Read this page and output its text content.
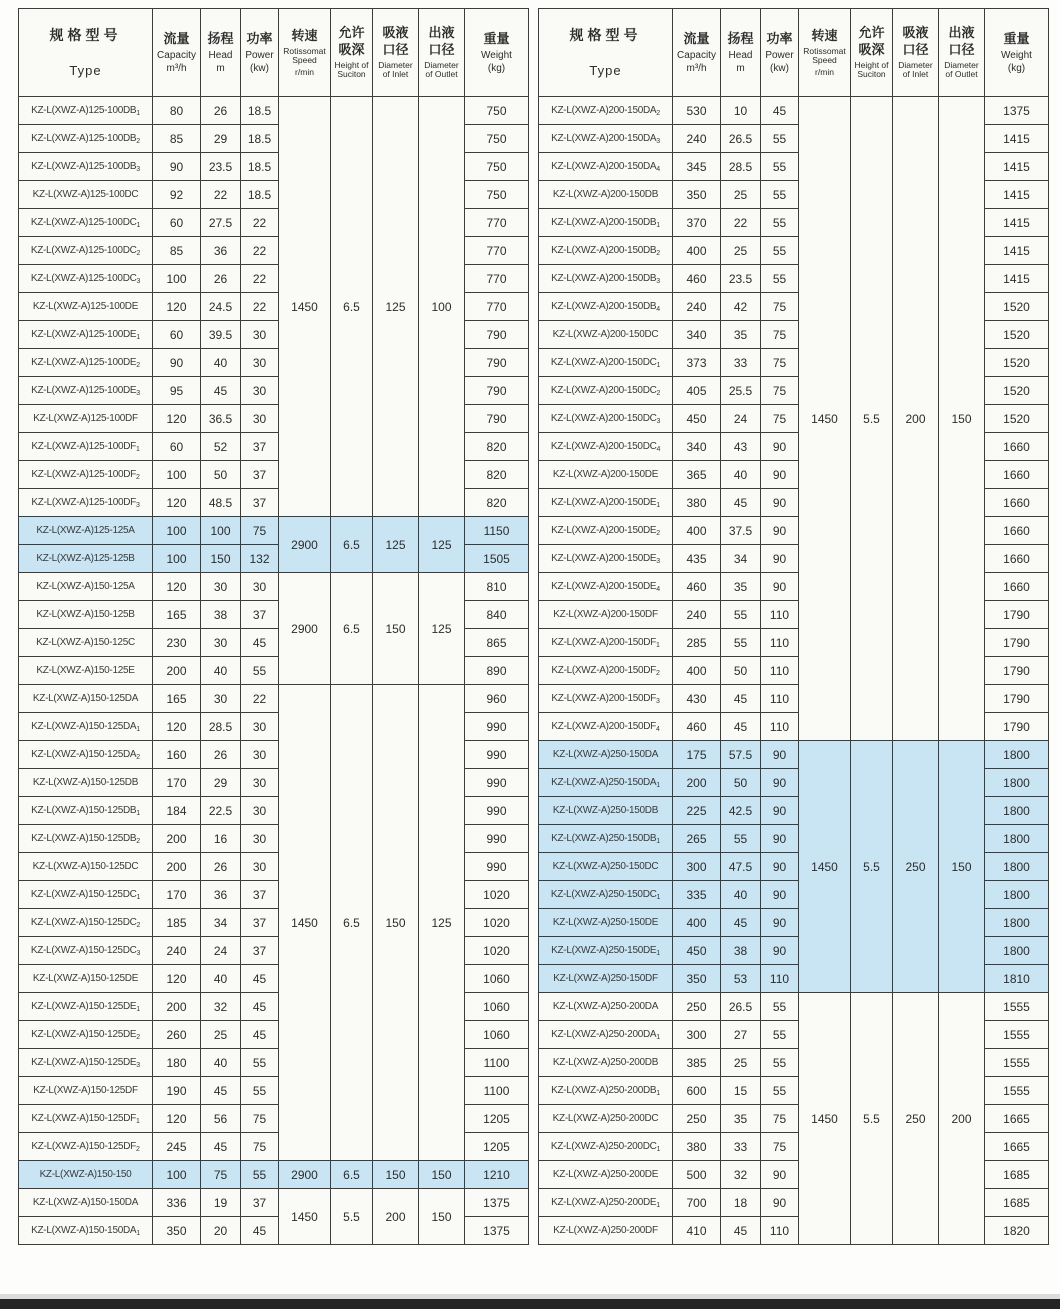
规格型号
Type

流量
Capacity
m³/h

扬程
Head
m

功率
Power
(kw)

转速
Rotissomat Speed
r/min

允许吸深
Height of Suciton

吸液口径
Diameter of Inlet

出液口径
Diameter of Outlet

重量
Weight
(kg)

$KZ-L(XWZ-A)125-100DB_1$	80	26	18.5	1450	6.5	125	100	750
$KZ-L(XWZ-A)125-100DB_2$	85	29	18.5					750
$KZ-L(XWZ-A)125-100DB_3$	90	23.5	18.5					750
KZ-L(XWZ-A)125-100DC	92	22	18.5					750
$KZ-L(XWZ-A)125-100DC_1$	60	27.5	22					770
$KZ-L(XWZ-A)125-100DC_2$	85	36	22					770
$KZ-L(XWZ-A)125-100DC_3$	100	26	22					770
KZ-L(XWZ-A)125-100DE	120	24.5	22					770
$KZ-L(XWZ-A)125-100DE_1$	60	39.5	30					790
$KZ-L(XWZ-A)125-100DE_2$	90	40	30					790
$KZ-L(XWZ-A)125-100DE_3$	95	45	30					790
KZ-L(XWZ-A)125-100DF	120	36.5	30					790
$KZ-L(XWZ-A)125-100DF_1$	60	52	37					820
$KZ-L(XWZ-A)125-100DF_2$	100	50	37					820
$KZ-L(XWZ-A)125-100DF_3$	120	48.5	37					820
KZ-L(XWZ-A)125-125A	100	100	75	2900	6.5	125	125	1150
KZ-L(XWZ-A)125-125B	100	150	132					1505
KZ-L(XWZ-A)150-125A	120	30	30	2900	6.5	150	125	810
KZ-L(XWZ-A)150-125B	165	38	37					840
KZ-L(XWZ-A)150-125C	230	30	45					865
KZ-L(XWZ-A)150-125E	200	40	55					890
KZ-L(XWZ-A)150-125DA	165	30	22	1450	6.5	150	125	960
$KZ-L(XWZ-A)150-125DA_1$	120	28.5	30					990
$KZ-L(XWZ-A)150-125DA_2$	160	26	30					990
KZ-L(XWZ-A)150-125DB	170	29	30					990
$KZ-L(XWZ-A)150-125DB_1$	184	22.5	30					990
$KZ-L(XWZ-A)150-125DB_2$	200	16	30					990
KZ-L(XWZ-A)150-125DC	200	26	30					990
$KZ-L(XWZ-A)150-125DC_1$	170	36	37					1020
$KZ-L(XWZ-A)150-125DC_2$	185	34	37					1020
$KZ-L(XWZ-A)150-125DC_3$	240	24	37					1020
KZ-L(XWZ-A)150-125DE	120	40	45					1060
$KZ-L(XWZ-A)150-125DE_1$	200	32	45					1060
$KZ-L(XWZ-A)150-125DE_2$	260	25	45					1060
$KZ-L(XWZ-A)150-125DE_3$	180	40	55					1100
KZ-L(XWZ-A)150-125DF	190	45	55					1100
$KZ-L(XWZ-A)150-125DF_1$	120	56	75					1205
$KZ-L(XWZ-A)150-125DF_2$	245	45	75					1205
KZ-L(XWZ-A)150-150	100	75	55	2900	6.5	150	150	1210
KZ-L(XWZ-A)150-150DA	336	19	37	1450	5.5	200	150	1375
$KZ-L(XWZ-A)150-150DA_1$	350	20	45					1375
规格型号
Type

流量
Capacity
m³/h

扬程
Head
m

功率
Power
(kw)

转速
Rotissomat Speed
r/min

允许吸深
Height of Suciton

吸液口径
Diameter of Inlet

出液口径
Diameter of Outlet

重量
Weight
(kg)

$KZ-L(XWZ-A)200-150DA_2$	530	10	45	1450	5.5	200	150	1375
$KZ-L(XWZ-A)200-150DA_3$	240	26.5	55					1415
$KZ-L(XWZ-A)200-150DA_4$	345	28.5	55					1415
KZ-L(XWZ-A)200-150DB	350	25	55					1415
$KZ-L(XWZ-A)200-150DB_1$	370	22	55					1415
$KZ-L(XWZ-A)200-150DB_2$	400	25	55					1415
$KZ-L(XWZ-A)200-150DB_3$	460	23.5	55					1415
$KZ-L(XWZ-A)200-150DB_4$	240	42	75					1520
KZ-L(XWZ-A)200-150DC	340	35	75					1520
$KZ-L(XWZ-A)200-150DC_1$	373	33	75					1520
$KZ-L(XWZ-A)200-150DC_2$	405	25.5	75					1520
$KZ-L(XWZ-A)200-150DC_3$	450	24	75					1520
$KZ-L(XWZ-A)200-150DC_4$	340	43	90					1660
KZ-L(XWZ-A)200-150DE	365	40	90					1660
$KZ-L(XWZ-A)200-150DE_1$	380	45	90					1660
$KZ-L(XWZ-A)200-150DE_2$	400	37.5	90					1660
$KZ-L(XWZ-A)200-150DE_3$	435	34	90					1660
$KZ-L(XWZ-A)200-150DE_4$	460	35	90					1660
KZ-L(XWZ-A)200-150DF	240	55	110					1790
$KZ-L(XWZ-A)200-150DF_1$	285	55	110					1790
$KZ-L(XWZ-A)200-150DF_2$	400	50	110					1790
$KZ-L(XWZ-A)200-150DF_3$	430	45	110					1790
$KZ-L(XWZ-A)200-150DF_4$	460	45	110					1790
KZ-L(XWZ-A)250-150DA	175	57.5	90	1450	5.5	250	150	1800
$KZ-L(XWZ-A)250-150DA_1$	200	50	90					1800
KZ-L(XWZ-A)250-150DB	225	42.5	90					1800
$KZ-L(XWZ-A)250-150DB_1$	265	55	90					1800
KZ-L(XWZ-A)250-150DC	300	47.5	90					1800
$KZ-L(XWZ-A)250-150DC_1$	335	40	90					1800
KZ-L(XWZ-A)250-150DE	400	45	90					1800
$KZ-L(XWZ-A)250-150DE_1$	450	38	90					1800
KZ-L(XWZ-A)250-150DF	350	53	110					1810
KZ-L(XWZ-A)250-200DA	250	26.5	55	1450	5.5	250	200	1555
$KZ-L(XWZ-A)250-200DA_1$	300	27	55					1555
KZ-L(XWZ-A)250-200DB	385	25	55					1555
$KZ-L(XWZ-A)250-200DB_1$	600	15	55					1555
KZ-L(XWZ-A)250-200DC	250	35	75					1665
$KZ-L(XWZ-A)250-200DC_1$	380	33	75					1665
KZ-L(XWZ-A)250-200DE	500	32	90					1685
$KZ-L(XWZ-A)250-200DE_1$	700	18	90					1685
KZ-L(XWZ-A)250-200DF	410	45	110					1820
